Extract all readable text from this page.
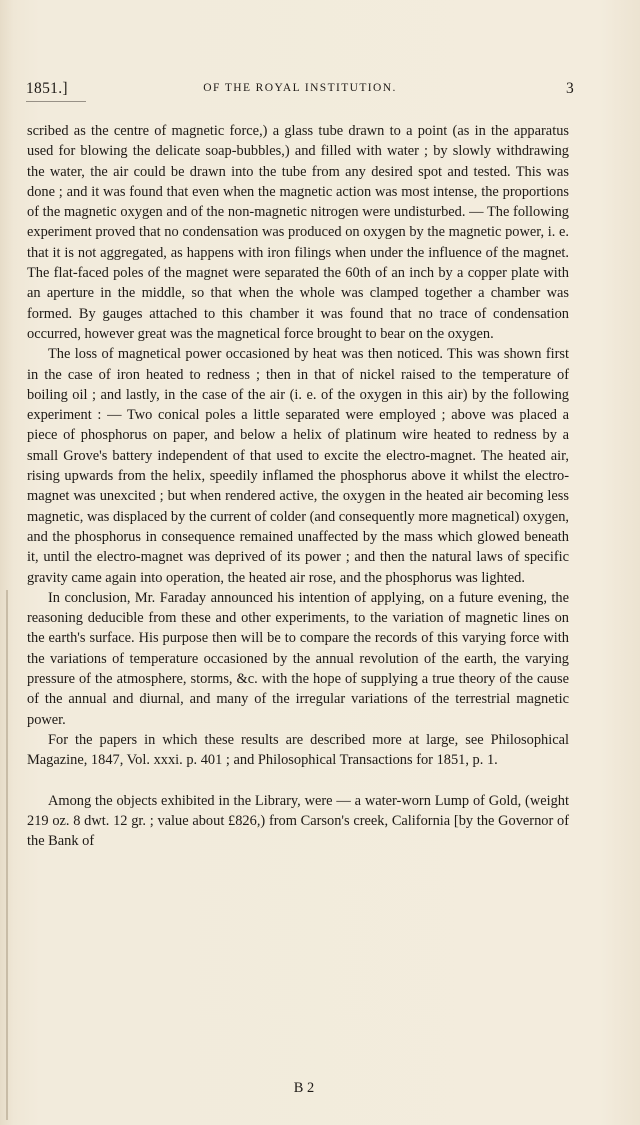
1851.]	OF THE ROYAL INSTITUTION.	3

scribed as the centre of magnetic force,) a glass tube drawn to a point (as in the apparatus used for blowing the delicate soap-bubbles,) and filled with water ; by slowly withdrawing the water, the air could be drawn into the tube from any desired spot and tested. This was done ; and it was found that even when the magnetic action was most intense, the proportions of the magnetic oxygen and of the non-magnetic nitrogen were undisturbed. — The following experiment proved that no condensation was produced on oxygen by the magnetic power, i. e. that it is not aggregated, as happens with iron filings when under the influence of the magnet. The flat-faced poles of the magnet were separated the 60th of an inch by a copper plate with an aperture in the middle, so that when the whole was clamped together a chamber was formed. By gauges attached to this chamber it was found that no trace of condensation occurred, however great was the magnetical force brought to bear on the oxygen.

The loss of magnetical power occasioned by heat was then noticed. This was shown first in the case of iron heated to redness ; then in that of nickel raised to the temperature of boiling oil ; and lastly, in the case of the air (i. e. of the oxygen in this air) by the following experiment : — Two conical poles a little separated were employed ; above was placed a piece of phosphorus on paper, and below a helix of platinum wire heated to redness by a small Grove's battery independent of that used to excite the electro-magnet. The heated air, rising upwards from the helix, speedily inflamed the phosphorus above it whilst the electro-magnet was unexcited ; but when rendered active, the oxygen in the heated air becoming less magnetic, was displaced by the current of colder (and consequently more magnetical) oxygen, and the phosphorus in consequence remained unaffected by the mass which glowed beneath it, until the electro-magnet was deprived of its power ; and then the natural laws of specific gravity came again into operation, the heated air rose, and the phosphorus was lighted.

In conclusion, Mr. Faraday announced his intention of applying, on a future evening, the reasoning deducible from these and other experiments, to the variation of magnetic lines on the earth's surface. His purpose then will be to compare the records of this varying force with the variations of temperature occasioned by the annual revolution of the earth, the varying pressure of the atmosphere, storms, &c. with the hope of supplying a true theory of the cause of the annual and diurnal, and many of the irregular variations of the terrestrial magnetic power.

For the papers in which these results are described more at large, see Philosophical Magazine, 1847, Vol. xxxi. p. 401 ; and Philosophical Transactions for 1851, p. 1.

Among the objects exhibited in the Library, were — a water-worn Lump of Gold, (weight 219 oz. 8 dwt. 12 gr. ; value about £826,) from Carson's creek, California [by the Governor of the Bank of

B 2
